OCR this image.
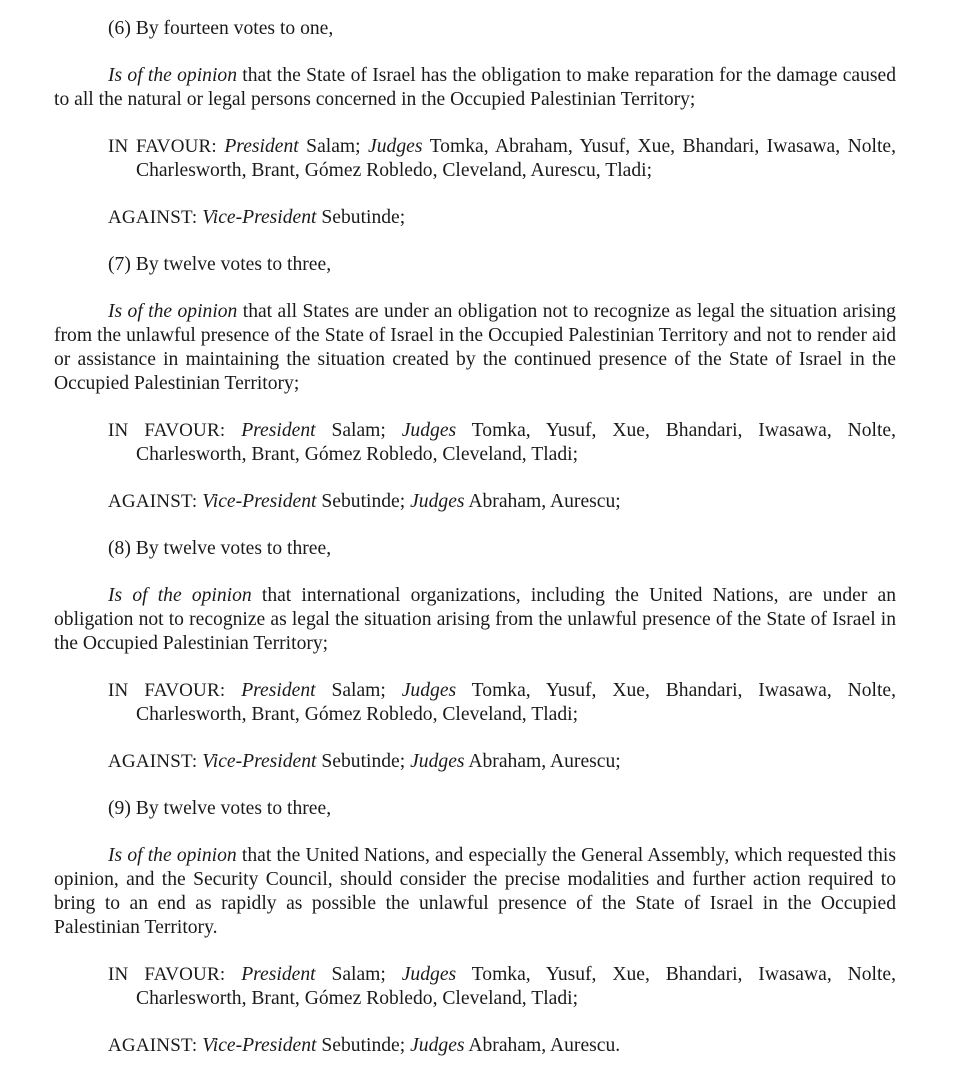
(6) By fourteen votes to one,

Is of the opinion that the State of Israel has the obligation to make reparation for the damage caused to all the natural or legal persons concerned in the Occupied Palestinian Territory;

IN FAVOUR: President Salam; Judges Tomka, Abraham, Yusuf, Xue, Bhandari, Iwasawa, Nolte, Charlesworth, Brant, Gómez Robledo, Cleveland, Aurescu, Tladi;

AGAINST: Vice-President Sebutinde;

(7) By twelve votes to three,

Is of the opinion that all States are under an obligation not to recognize as legal the situation arising from the unlawful presence of the State of Israel in the Occupied Palestinian Territory and not to render aid or assistance in maintaining the situation created by the continued presence of the State of Israel in the Occupied Palestinian Territory;

IN FAVOUR: President Salam; Judges Tomka, Yusuf, Xue, Bhandari, Iwasawa, Nolte, Charlesworth, Brant, Gómez Robledo, Cleveland, Tladi;

AGAINST: Vice-President Sebutinde; Judges Abraham, Aurescu;

(8) By twelve votes to three,

Is of the opinion that international organizations, including the United Nations, are under an obligation not to recognize as legal the situation arising from the unlawful presence of the State of Israel in the Occupied Palestinian Territory;

IN FAVOUR: President Salam; Judges Tomka, Yusuf, Xue, Bhandari, Iwasawa, Nolte, Charlesworth, Brant, Gómez Robledo, Cleveland, Tladi;

AGAINST: Vice-President Sebutinde; Judges Abraham, Aurescu;

(9) By twelve votes to three,

Is of the opinion that the United Nations, and especially the General Assembly, which requested this opinion, and the Security Council, should consider the precise modalities and further action required to bring to an end as rapidly as possible the unlawful presence of the State of Israel in the Occupied Palestinian Territory.

IN FAVOUR: President Salam; Judges Tomka, Yusuf, Xue, Bhandari, Iwasawa, Nolte, Charlesworth, Brant, Gómez Robledo, Cleveland, Tladi;

AGAINST: Vice-President Sebutinde; Judges Abraham, Aurescu.
